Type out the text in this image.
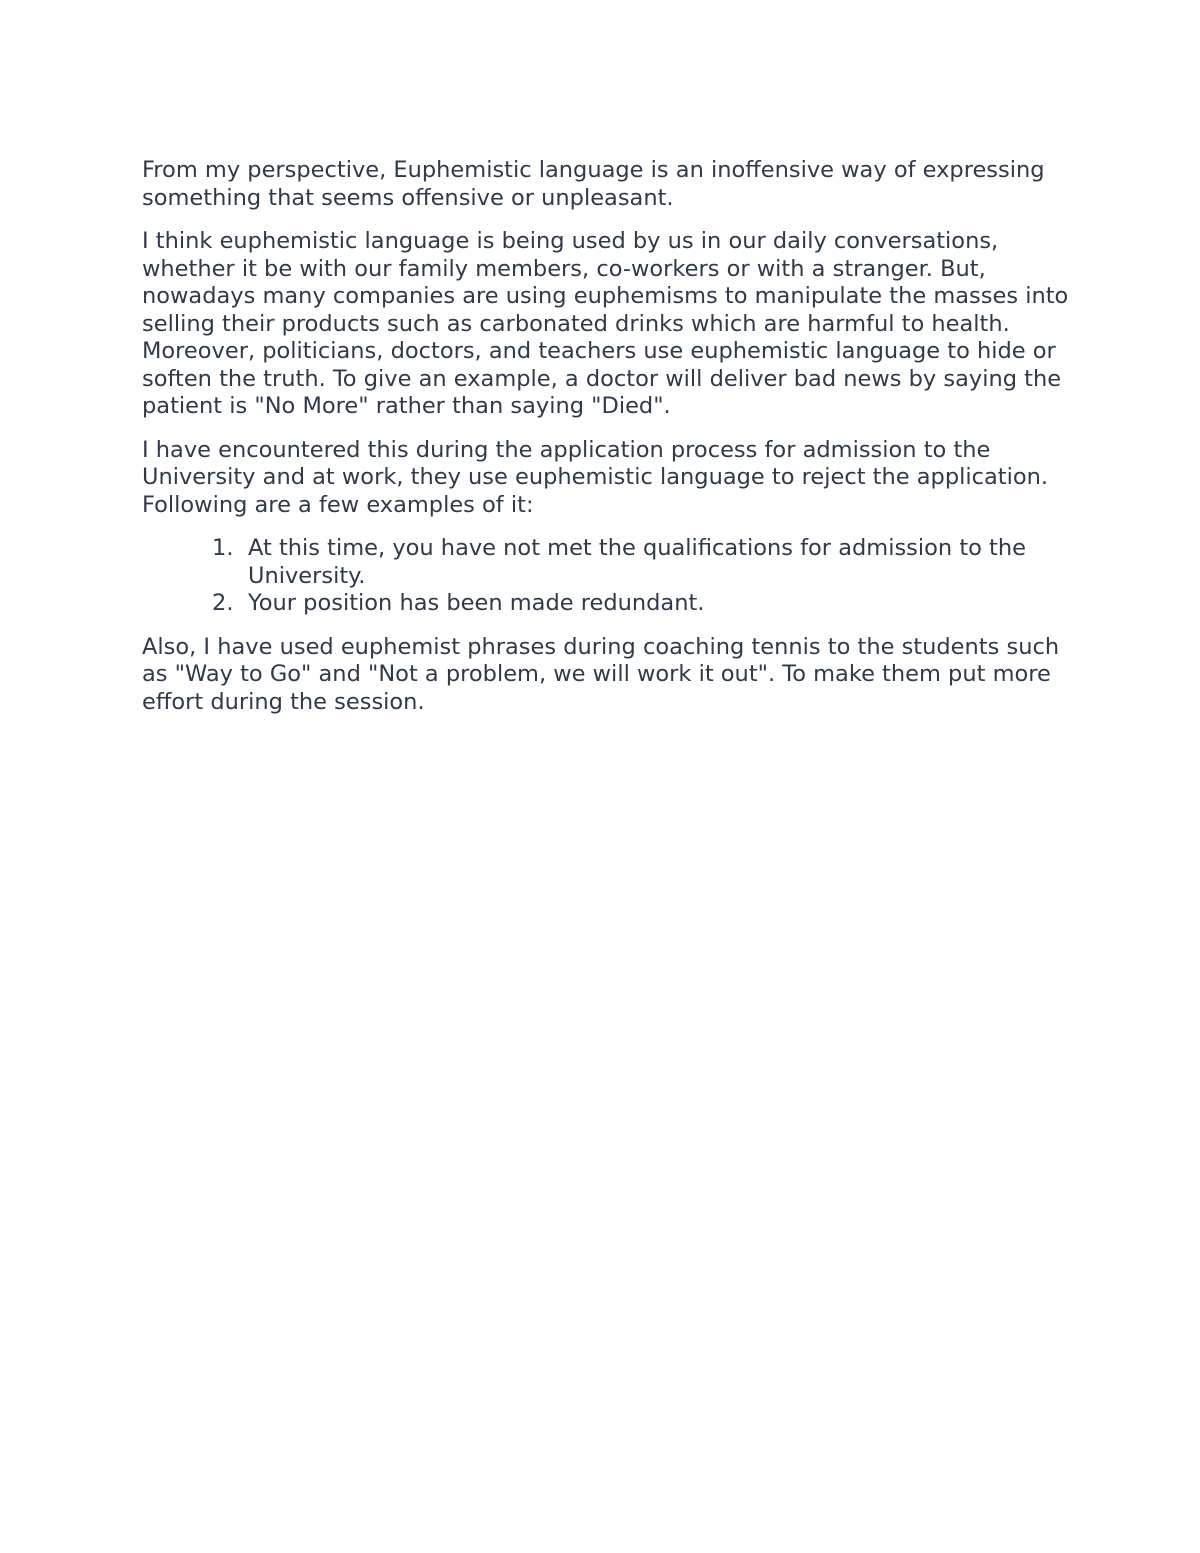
From my perspective, Euphemistic language is an inoffensive way of expressing something that seems offensive or unpleasant.

I think euphemistic language is being used by us in our daily conversations, whether it be with our family members, co-workers or with a stranger. But, nowadays many companies are using euphemisms to manipulate the masses into selling their products such as carbonated drinks which are harmful to health. Moreover, politicians, doctors, and teachers use euphemistic language to hide or soften the truth. To give an example, a doctor will deliver bad news by saying the patient is "No More" rather than saying "Died".

I have encountered this during the application process for admission to the University and at work, they use euphemistic language to reject the application. Following are a few examples of it:

1. At this time, you have not met the qualifications for admission to the University.
2. Your position has been made redundant.

Also, I have used euphemist phrases during coaching tennis to the students such as "Way to Go" and "Not a problem, we will work it out". To make them put more effort during the session.
